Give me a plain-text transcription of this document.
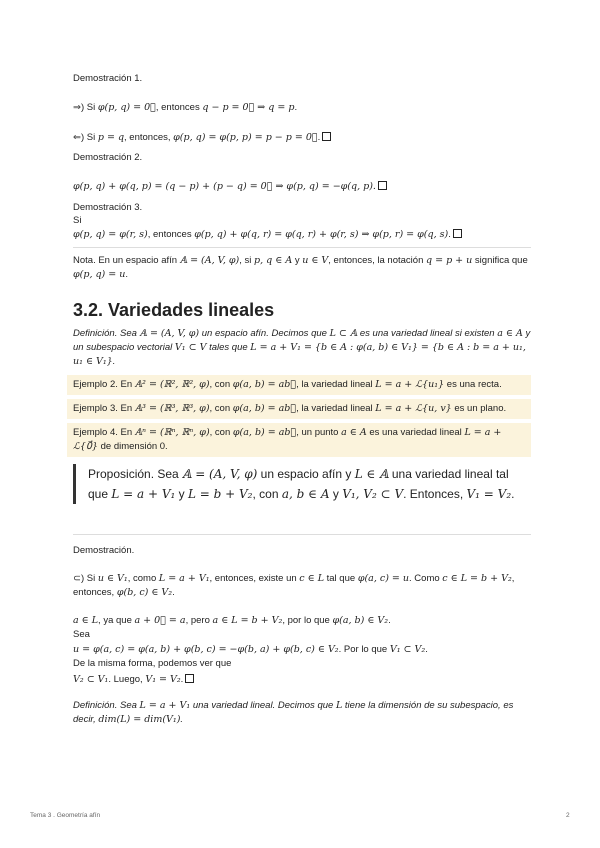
Demostración 1.
⇒) Si φ(p, q) = 0⃗, entonces q − p = 0⃗ ⇒ q = p.
⇐) Si p = q, entonces, φ(p, q) = φ(p, p) = p − p = 0⃗.
Demostración 2.
φ(p, q) + φ(q, p) = (q − p) + (p − q) = 0⃗ ⇒ φ(p, q) = −φ(q, p).
Demostración 3.
Si
φ(p, q) = φ(r, s), entonces φ(p, q) + φ(q, r) = φ(q, r) + φ(r, s) ⇒ φ(p, r) = φ(q, s).
Nota. En un espacio afín 𝔸 = (A, V, φ), si p, q ∈ A y u ∈ V, entonces, la notación q = p + u significa que φ(p, q) = u.
3.2. Variedades lineales
Definición. Sea 𝔸 = (A, V, φ) un espacio afín. Decimos que L ⊂ 𝔸 es una variedad lineal si existen a ∈ A y un subespacio vectorial V₁ ⊂ V tales que L = a + V₁ = {b ∈ A : φ(a, b) ∈ V₁} = {b ∈ A : b = a + u₁, u₁ ∈ V₁}.
Ejemplo 2. En 𝔸² = (ℝ², ℝ², φ), con φ(a, b) = ab⃗, la variedad lineal L = a + ℒ{u₁} es una recta.
Ejemplo 3. En 𝔸³ = (ℝ³, ℝ³, φ), con φ(a, b) = ab⃗, la variedad lineal L = a + ℒ{u, v} es un plano.
Ejemplo 4. En 𝔸ⁿ = (ℝⁿ, ℝⁿ, φ), con φ(a, b) = ab⃗, un punto a ∈ A es una variedad lineal L = a + ℒ{0⃗} de dimensión 0.
Proposición. Sea 𝔸 = (A, V, φ) un espacio afín y L ∈ 𝔸 una variedad lineal tal que L = a + V₁ y L = b + V₂, con a, b ∈ A y V₁, V₂ ⊂ V. Entonces, V₁ = V₂.
Demostración.
⊂) Si u ∈ V₁, como L = a + V₁, entonces, existe un c ∈ L tal que φ(a, c) = u. Como c ∈ L = b + V₂, entonces, φ(b, c) ∈ V₂.
a ∈ L, ya que a + 0⃗ = a, pero a ∈ L = b + V₂, por lo que φ(a, b) ∈ V₂.
Sea
u = φ(a, c) = φ(a, b) + φ(b, c) = −φ(b, a) + φ(b, c) ∈ V₂. Por lo que V₁ ⊂ V₂.
De la misma forma, podemos ver que
V₂ ⊂ V₁. Luego, V₁ = V₂.
Definición. Sea L = a + V₁ una variedad lineal. Decimos que L tiene la dimensión de su subespacio, es decir, dim(L) = dim(V₁).
Tema 3 . Geometría afín	2
